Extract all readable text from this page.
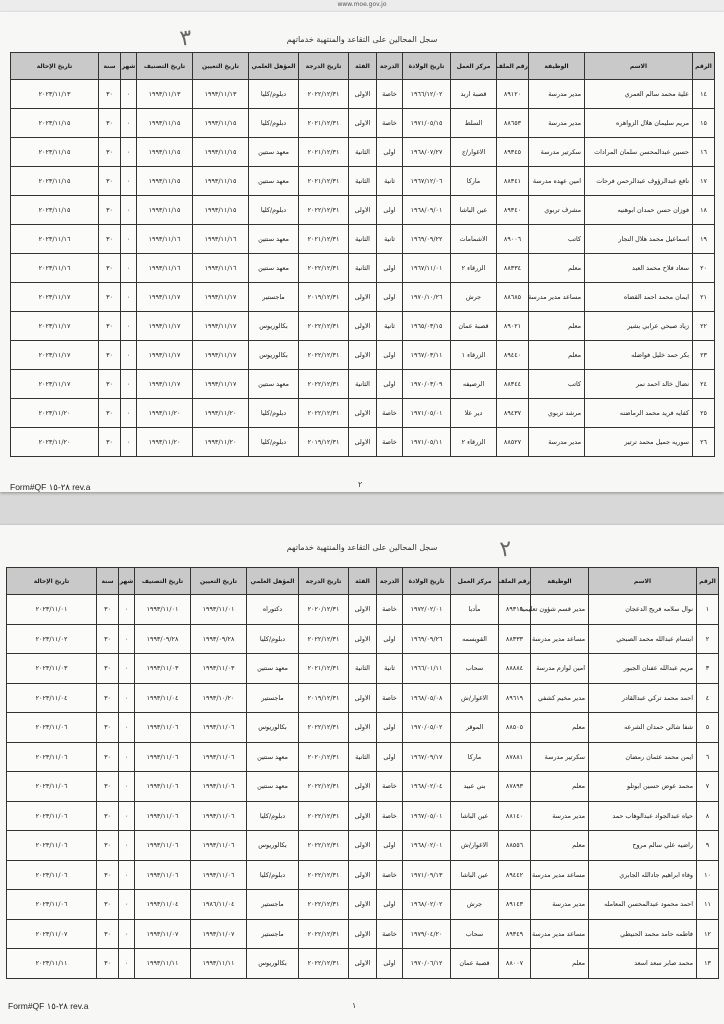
www.moe.gov.jo
سجل المحالين على التقاعد والمنتهية خدماتهم
٣
الرقم	الاسم	الوظيفة	رقم الملف	مركز العمل	تاريخ الولادة	الدرجة	الفئة	تاريخ الدرجة	المؤهل العلمي	تاريخ التعيين	تاريخ التصنيف	شهر	سنة	تاريخ الإحالة
١٤	علية محمد سالم العمري	مدير مدرسة	٨٩١٢٠	قصبة اربد	١٩٦٦/١٢/٠٢	خاصة	الاولى	٢٠٢٢/١٢/٣١	دبلوم/كليا	١٩٩٣/١١/١٣	١٩٩٣/١١/١٣	٠	٣٠	٢٠٢٣/١١/١٣
١٥	مريم سليمان هلال الزواهره	مدير مدرسة	٨٨٦٥٣	السلط	١٩٧١/٠٥/١٥	خاصة	الاولى	٢٠٢١/١٢/٣١	دبلوم/كليا	١٩٩٣/١١/١٥	١٩٩٣/١١/١٥	٠	٣٠	٢٠٢٣/١١/١٥
١٦	حسين عبدالمحسن سلمان المرادات	سكرتير مدرسة	٨٩٣٤٥	الاغوار/ج	١٩٦٨/٠٧/٢٧	اولى	الثانية	٢٠٢١/١٢/٣١	معهد سنتين	١٩٩٣/١١/١٥	١٩٩٣/١١/١٥	٠	٣٠	٢٠٢٣/١١/١٥
١٧	نافع عبدالرؤوف عبدالرحمن فرحات	امين عهده مدرسة	٨٨٣٤١	ماركا	١٩٦٧/١٢/٠٦	ثانية	الثانية	٢٠٢١/١٢/٣١	معهد سنتين	١٩٩٣/١١/١٥	١٩٩٣/١١/١٥	٠	٣٠	٢٠٢٣/١١/١٥
١٨	فوزان حسن حمدان ابوهنيه	مشرف تربوي	٨٩٣٤٠	عين الباشا	١٩٦٨/٠٩/٠١	اولى	الاولى	٢٠٢٢/١٢/٣١	دبلوم/كليا	١٩٩٣/١١/١٥	١٩٩٣/١١/١٥	٠	٣٠	٢٠٢٣/١١/١٥
١٩	اسماعيل محمد هلال النجار	كاتب	٨٩٠٠٦	الاشمامات	١٩٦٩/٠٩/٢٢	ثانية	الثانية	٢٠٢١/١٢/٣١	معهد سنتين	١٩٩٣/١١/١٦	١٩٩٣/١١/١٦	٠	٣٠	٢٠٢٣/١١/١٦
٢٠	سعاد فلاح محمد العبد	معلم	٨٨٣٣٤	الزرقاء ٢	١٩٦٧/١١/٠١	اولى	الثانية	٢٠٢٢/١٢/٣١	معهد سنتين	١٩٩٣/١١/١٦	١٩٩٣/١١/١٦	٠	٣٠	٢٠٢٣/١١/١٦
٢١	ايمان محمد احمد القضاه	مساعد مدير مدرسة	٨٨٦٨٥	جرش	١٩٧٠/١٠/٢٦	اولى	الاولى	٢٠١٩/١٢/٣١	ماجستير	١٩٩٣/١١/١٧	١٩٩٣/١١/١٧	٠	٣٠	٢٠٢٣/١١/١٧
٢٢	زياد صبحي عرابي بشير	معلم	٨٩٠٢١	قصبة عمان	١٩٦٥/٠٣/١٥	ثانية	الاولى	٢٠٢٢/١٢/٣١	بكالوريوس	١٩٩٣/١١/١٧	١٩٩٣/١١/١٧	٠	٣٠	٢٠٢٣/١١/١٧
٢٣	بكر حمد خليل فواضله	معلم	٨٩٤٤٠	الزرقاء ١	١٩٦٧/٠٣/١١	اولى	الاولى	٢٠٢٢/١٢/٣١	بكالوريوس	١٩٩٣/١١/١٧	١٩٩٣/١١/١٧	٠	٣٠	٢٠٢٣/١١/١٧
٢٤	نضال خالد احمد نمر	كاتب	٨٨٣٤٤	الرصيفه	١٩٧٠/٠٣/٠٩	اولى	الثانية	٢٠٢٢/١٢/٣١	معهد سنتين	١٩٩٣/١١/١٧	١٩٩٣/١١/١٧	٠	٣٠	٢٠٢٣/١١/١٧
٢٥	كفايه فريد محمد الرماضنه	مرشد تربوي	٨٩٤٣٧	دير علا	١٩٧١/٠٥/٠١	خاصة	الاولى	٢٠٢٢/١٢/٣١	دبلوم/كليا	١٩٩٣/١١/٢٠	١٩٩٣/١١/٢٠	٠	٣٠	٢٠٢٣/١١/٢٠
٢٦	سوريه جميل محمد ترتير	مدير مدرسة	٨٨٥٢٧	الزرقاء ٢	١٩٧١/٠٥/١١	خاصة	الاولى	٢٠١٩/١٢/٣١	دبلوم/كليا	١٩٩٣/١١/٢٠	١٩٩٣/١١/٢٠	٠	٣٠	٢٠٢٣/١١/٢٠
Form#QF ٢٨-١٥ rev.a	٢
سجل المحالين على التقاعد والمنتهية خدماتهم	٢
الرقم	الاسم	الوظيفة	رقم الملف	مركز العمل	تاريخ الولادة	الدرجة	الفئة	تاريخ الدرجة	المؤهل العلمي	تاريخ التعيين	تاريخ التصنيف	شهر	سنة	تاريخ الإحالة
١	نوال سلامه فريج الدعجان	مدير قسم شؤون تعليمية	٨٩٣١٩	مأدبا	١٩٧٢/٠٢/٠١	خاصة	الاولى	٢٠٢٠/١٢/٣١	دكتوراه	١٩٩٣/١١/٠١	١٩٩٣/١١/٠١	٠	٣٠	٢٠٢٣/١١/٠١
٢	ابتسام عبدالله محمد الصبحي	مساعد مدير مدرسة	٨٨٣٣٣	القويسمه	١٩٦٩/٠٩/٢٦	اولى	الاولى	٢٠٢٢/١٢/٣١	دبلوم/كليا	١٩٩٣/٠٩/٢٨	١٩٩٣/٠٩/٢٨	٠	٣٠	٢٠٢٣/١١/٠٢
٣	مريم عبدالله عفنان الجبور	امين لوازم مدرسة	٨٨٨٨٤	سحاب	١٩٦٦/٠١/١١	ثانية	الثانية	٢٠٢١/١٢/٣١	معهد سنتين	١٩٩٣/١١/٠٣	١٩٩٣/١١/٠٣	٠	٣٠	٢٠٢٣/١١/٠٣
٤	احمد محمد تركي عبدالقادر	مدير مخيم كشفي	٨٩٦١٩	الاغوار/ش	١٩٦٨/٠٥/٠٨	خاصة	الاولى	٢٠١٩/١٢/٣١	ماجستير	١٩٩٣/١٠/٢٠	١٩٩٣/١١/٠٤	٠	٣٠	٢٠٢٣/١١/٠٤
٥	شفا شالي حمدان الشرعه	معلم	٨٨٥٠٥	الموقر	١٩٧٠/٠٥/٠٢	اولى	الاولى	٢٠٢٢/١٢/٣١	بكالوريوس	١٩٩٣/١١/٠٦	١٩٩٣/١١/٠٦	٠	٣٠	٢٠٢٣/١١/٠٦
٦	ايمن محمد عثمان رمضان	سكرتير مدرسة	٨٧٨٨١	ماركا	١٩٦٧/٠٩/١٧	اولى	الثانية	٢٠٢٠/١٢/٣١	معهد سنتين	١٩٩٣/١١/٠٦	١٩٩٣/١١/٠٦	٠	٣٠	٢٠٢٣/١١/٠٦
٧	محمد عوض حسين ابوتلو	معلم	٨٧٨٩٣	بني عبيد	١٩٦٨/٠٢/٠٤	خاصة	الاولى	٢٠٢٢/١٢/٣١	معهد سنتين	١٩٩٣/١١/٠٦	١٩٩٣/١١/٠٦	٠	٣٠	٢٠٢٣/١١/٠٦
٨	حياه عبدالجواد عبدالوهاب حمد	مدير مدرسة	٨٨١٤٠	عين الباشا	١٩٦٧/٠٥/٠١	خاصة	الاولى	٢٠٢٢/١٢/٣١	دبلوم/كليا	١٩٩٣/١١/٠٦	١٩٩٣/١١/٠٦	٠	٣٠	٢٠٢٣/١١/٠٦
٩	راضيه علي سالم مروح	معلم	٨٨٥٥٦	الاغوار/ش	١٩٦٨/٠٢/٠١	اولى	الاولى	٢٠٢٢/١٢/٣١	بكالوريوس	١٩٩٣/١١/٠٦	١٩٩٣/١١/٠٦	٠	٣٠	٢٠٢٣/١١/٠٦
١٠	وفاء ابراهيم جادالله الجابري	مساعد مدير مدرسة	٨٩٤٤٢	عين الباشا	١٩٧١/٠٩/١٣	خاصة	الاولى	٢٠٢٢/١٢/٣١	دبلوم/كليا	١٩٩٣/١١/٠٦	١٩٩٣/١١/٠٦	٠	٣٠	٢٠٢٣/١١/٠٦
١١	احمد محمود عبدالمحسن المعامله	مدير مدرسة	٨٩١٤٣	جرش	١٩٦٨/٠٢/٠٢	اولى	الاولى	٢٠٢٢/١٢/٣١	ماجستير	١٩٨٦/١١/٠٤	١٩٩٣/١١/٠٤	٠	٣٠	٢٠٢٣/١١/٠٦
١٢	فاطمه حامد محمد الحنيطي	مساعد مدير مدرسة	٨٩٣٤٩	سحاب	١٩٧٩/٠٤/٢٠	خاصة	الاولى	٢٠٢٢/١٢/٣١	ماجستير	١٩٩٣/١١/٠٧	١٩٩٣/١١/٠٧	٠	٣٠	٢٠٢٣/١١/٠٧
١٣	محمد صابر سعد اسعد	معلم	٨٨٠٠٧	قصبة عمان	١٩٧٠/٠٦/١٢	اولى	الاولى	٢٠٢٢/١٢/٣١	بكالوريوس	١٩٩٣/١١/١١	١٩٩٣/١١/١١	٠	٣٠	٢٠٢٣/١١/١١
Form#QF ٢٨-١٥ rev.a	١
